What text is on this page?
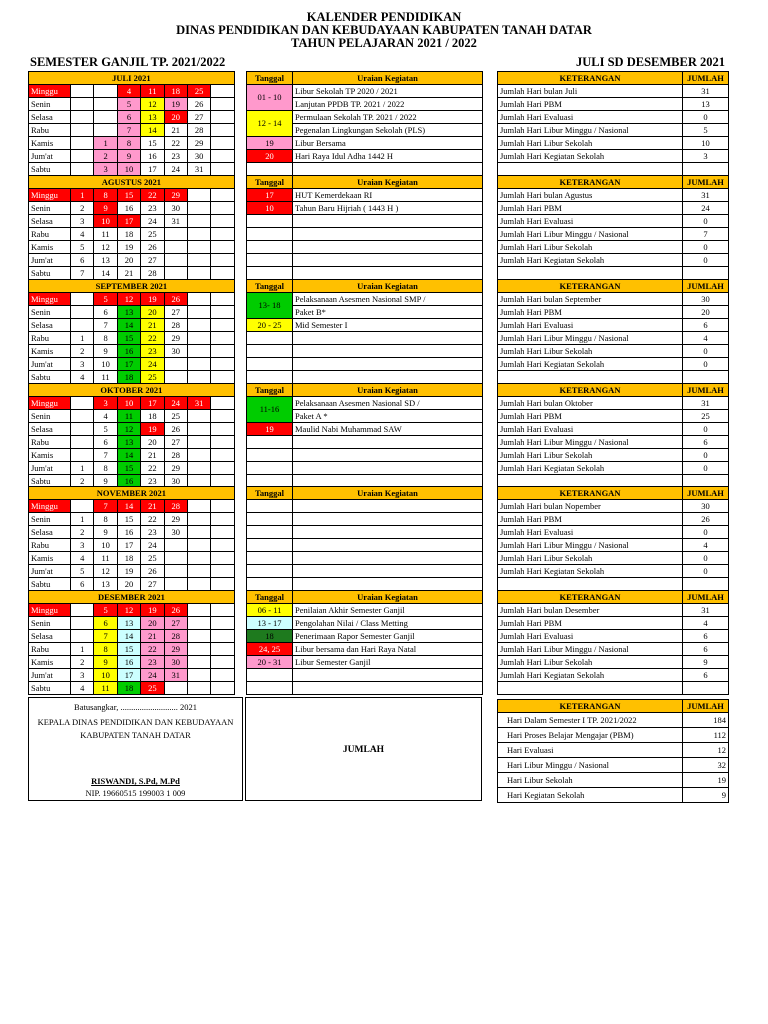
KALENDER PENDIDIKAN
DINAS PENDIDIKAN DAN KEBUDAYAAN KABUPATEN TANAH DATAR
TAHUN PELAJARAN 2021 / 2022
SEMESTER GANJIL TP. 2021/2022	JULI SD DESEMBER 2021
JULI 2021							
Minggu			4	11	18	25	
Senin			5	12	19	26	
Selasa			6	13	20	27	
Rabu			7	14	21	28	
Kamis		1	8	15	22	29	
Jum'at		2	9	16	23	30	
Sabtu		3	10	17	24	31	
Tanggal	Uraian Kegiatan
01 - 10	Libur Sekolah TP 2020 / 2021
	Lanjutan PPDB TP. 2021 / 2022
12 - 14	Permulaan Sekolah TP. 2021 / 2022
	Pegenalan Lingkungan Sekolah (PLS)
19	Libur Bersama
20	Hari Raya Idul Adha 1442 H

KETERANGAN	JUMLAH
Jumlah Hari bulan Juli	31
Jumlah Hari PBM	13
Jumlah Hari Evaluasi	0
Jumlah Hari Libur Minggu / Nasional	5
Jumlah Hari Libur Sekolah	10
Jumlah Hari Kegiatan Sekolah	3

AGUSTUS 2021							
Minggu	1	8	15	22	29		
Senin	2	9	16	23	30		
Selasa	3	10	17	24	31		
Rabu	4	11	18	25			
Kamis	5	12	19	26			
Jum'at	6	13	20	27			
Sabtu	7	14	21	28			
Tanggal	Uraian Kegiatan
17	HUT Kemerdekaan RI
10	Tahun Baru Hijriah ( 1443 H )

KETERANGAN	JUMLAH
Jumlah Hari bulan Agustus	31
Jumlah Hari PBM	24
Jumlah Hari Evaluasi	0
Jumlah Hari Libur Minggu / Nasional	7
Jumlah Hari Libur Sekolah	0
Jumlah Hari Kegiatan Sekolah	0

SEPTEMBER 2021							
Minggu		5	12	19	26		
Senin		6	13	20	27		
Selasa		7	14	21	28		
Rabu	1	8	15	22	29		
Kamis	2	9	16	23	30		
Jum'at	3	10	17	24			
Sabtu	4	11	18	25			
Tanggal	Uraian Kegiatan
13- 18	Pelaksanaan Asesmen Nasional SMP /
	Paket B*
20 - 25	Mid Semester I

KETERANGAN	JUMLAH
Jumlah Hari bulan September	30
Jumlah Hari PBM	20
Jumlah Hari Evaluasi	6
Jumlah Hari Libur Minggu / Nasional	4
Jumlah Hari Libur Sekolah	0
Jumlah Hari Kegiatan Sekolah	0

OKTOBER 2021							
Minggu		3	10	17	24	31	
Senin		4	11	18	25		
Selasa		5	12	19	26		
Rabu		6	13	20	27		
Kamis		7	14	21	28		
Jum'at	1	8	15	22	29		
Sabtu	2	9	16	23	30		
Tanggal	Uraian Kegiatan
11-16	Pelaksanaan Asesmen Nasional SD /
	Paket A *
19	Maulid Nabi Muhammad SAW

KETERANGAN	JUMLAH
Jumlah Hari bulan Oktober	31
Jumlah Hari PBM	25
Jumlah Hari Evaluasi	0
Jumlah Hari Libur Minggu / Nasional	6
Jumlah Hari Libur Sekolah	0
Jumlah Hari Kegiatan Sekolah	0

NOVEMBER 2021							
Minggu		7	14	21	28		
Senin	1	8	15	22	29		
Selasa	2	9	16	23	30		
Rabu	3	10	17	24			
Kamis	4	11	18	25			
Jum'at	5	12	19	26			
Sabtu	6	13	20	27			
Tanggal	Uraian Kegiatan

		KETERANGAN	JUMLAH
Jumlah Hari bulan Nopember	30
Jumlah Hari PBM	26
Jumlah Hari Evaluasi	0
Jumlah Hari Libur Minggu / Nasional	4
Jumlah Hari Libur Sekolah	0
Jumlah Hari Kegiatan Sekolah	0

DESEMBER 2021							
Minggu		5	12	19	26		
Senin		6	13	20	27		
Selasa		7	14	21	28		
Rabu	1	8	15	22	29		
Kamis	2	9	16	23	30		
Jum'at	3	10	17	24	31		
Sabtu	4	11	18	25			
Tanggal	Uraian Kegiatan
06 - 11	Penilaian Akhir Semester Ganjil
13 - 17	Pengolahan Nilai / Class Metting
18	Penerimaan Rapor Semester Ganjil
24, 25	Libur bersama dan Hari Raya Natal
20 - 31	Libur Semester Ganjil

KETERANGAN	JUMLAH
Jumlah Hari bulan Desember	31
Jumlah Hari PBM	4
Jumlah Hari Evaluasi	6
Jumlah Hari Libur Minggu / Nasional	6
Jumlah Hari Libur Sekolah	9
Jumlah Hari Kegiatan Sekolah	6

Batusangkar, ........................... 2021
KEPALA DINAS PENDIDIKAN DAN KEBUDAYAAN
KABUPATEN TANAH DATAR
RISWANDI, S.Pd, M.Pd
NIP. 19660515 199003 1 009
JUMLAH
KETERANGAN	JUMLAH
Hari Dalam Semester I TP. 2021/2022	184
Hari Proses Belajar Mengajar (PBM)	112
Hari Evaluasi	12
Hari Libur Minggu / Nasional	32
Hari Libur Sekolah	19
Hari Kegiatan Sekolah	9
